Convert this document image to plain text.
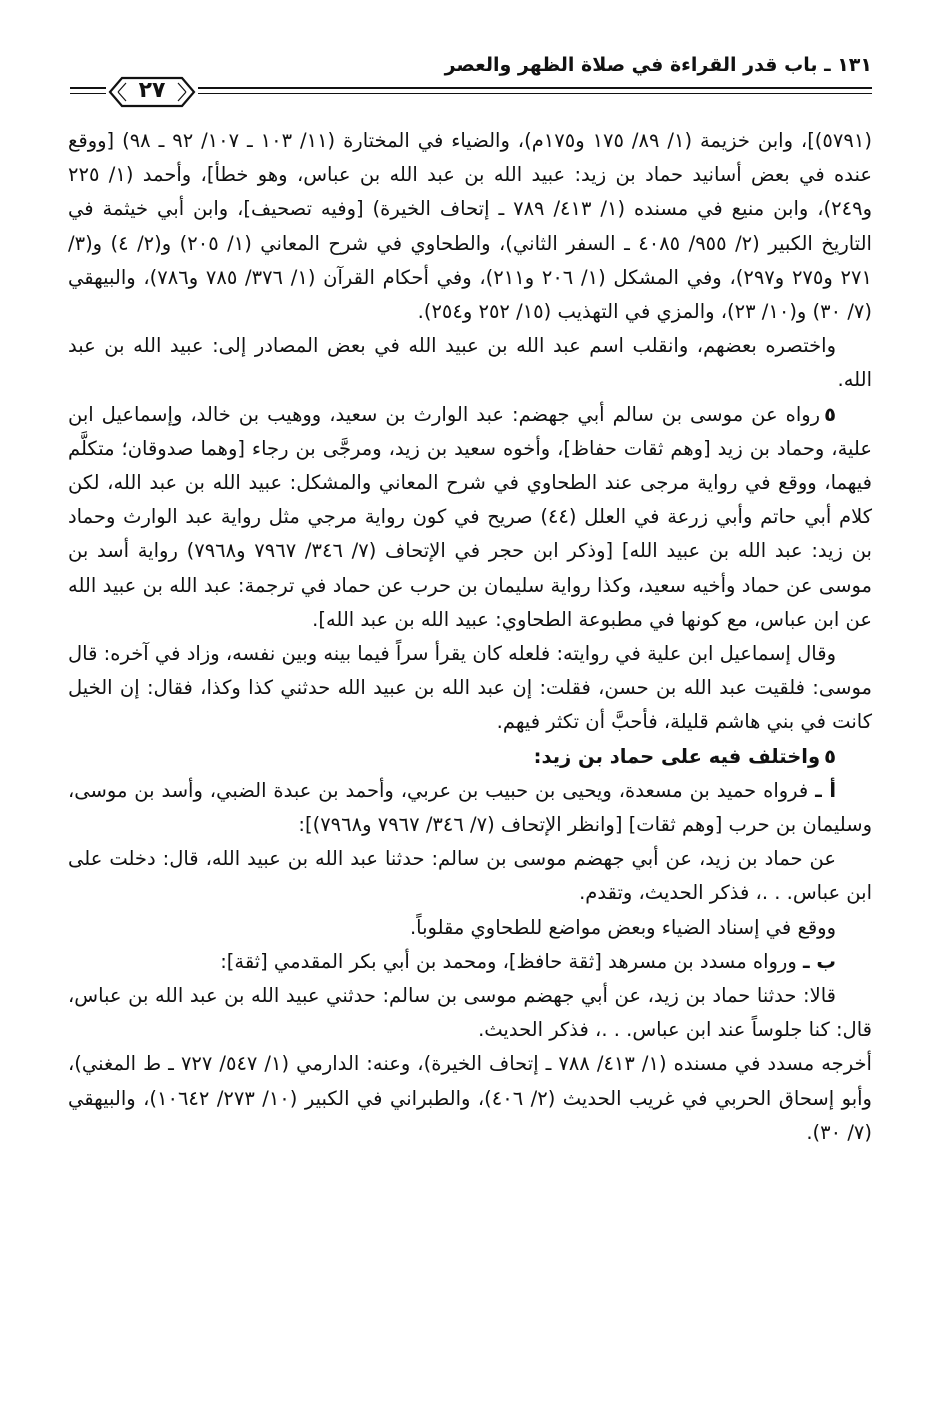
١٣١ ـ باب قدر القراءة في صلاة الظهر والعصر
٢٧

(٥٧٩١)]، وابن خزيمة (١/ ٨٩/ ١٧٥ و١٧٥م)، والضياء في المختارة (١١/ ١٠٣ ـ ١٠٧/ ٩٢ ـ ٩٨) [ووقع عنده في بعض أسانيد حماد بن زيد: عبيد الله بن عبد الله بن عباس، وهو خطأ]، وأحمد (١/ ٢٢٥ و٢٤٩)، وابن منيع في مسنده (١/ ٤١٣/ ٧٨٩ ـ إتحاف الخيرة) [وفيه تصحيف]، وابن أبي خيثمة في التاريخ الكبير (٢/ ٩٥٥/ ٤٠٨٥ ـ السفر الثاني)، والطحاوي في شرح المعاني (١/ ٢٠٥) و(٢/ ٤) و(٣/ ٢٧١ و٢٧٥ و٢٩٧)، وفي المشكل (١/ ٢٠٦ و٢١١)، وفي أحكام القرآن (١/ ٣٧٦/ ٧٨٥ و٧٨٦)، والبيهقي (٧/ ٣٠) و(١٠/ ٢٣)، والمزي في التهذيب (١٥/ ٢٥٢ و٢٥٤).

واختصره بعضهم، وانقلب اسم عبد الله بن عبيد الله في بعض المصادر إلى: عبيد الله بن عبد الله.

٥رواه عن موسى بن سالم أبي جهضم: عبد الوارث بن سعيد، ووهيب بن خالد، وإسماعيل ابن علية، وحماد بن زيد [وهم ثقات حفاظ]، وأخوه سعيد بن زيد، ومرجَّى بن رجاء [وهما صدوقان؛ متكلَّم فيهما، ووقع في رواية مرجى عند الطحاوي في شرح المعاني والمشكل: عبيد الله بن عبد الله، لكن كلام أبي حاتم وأبي زرعة في العلل (٤٤) صريح في كون رواية مرجي مثل رواية عبد الوارث وحماد بن زيد: عبد الله بن عبيد الله] [وذكر ابن حجر في الإتحاف (٧/ ٣٤٦/ ٧٩٦٧ و٧٩٦٨) رواية أسد بن موسى عن حماد وأخيه سعيد، وكذا رواية سليمان بن حرب عن حماد في ترجمة: عبد الله بن عبيد الله عن ابن عباس، مع كونها في مطبوعة الطحاوي: عبيد الله بن عبد الله].

وقال إسماعيل ابن علية في روايته: فلعله كان يقرأ سراً فيما بينه وبين نفسه، وزاد في آخره: قال موسى: فلقيت عبد الله بن حسن، فقلت: إن عبد الله بن عبيد الله حدثني كذا وكذا، فقال: إن الخيل كانت في بني هاشم قليلة، فأحبَّ أن تكثر فيهم.

٥واختلف فيه على حماد بن زيد:

أ ـ فرواه حميد بن مسعدة، ويحيى بن حبيب بن عربي، وأحمد بن عبدة الضبي، وأسد بن موسى، وسليمان بن حرب [وهم ثقات] [وانظر الإتحاف (٧/ ٣٤٦/ ٧٩٦٧ و٧٩٦٨)]:

عن حماد بن زيد، عن أبي جهضم موسى بن سالم: حدثنا عبد الله بن عبيد الله، قال: دخلت على ابن عباس. . .، فذكر الحديث، وتقدم.

ووقع في إسناد الضياء وبعض مواضع للطحاوي مقلوباً.

ب ـ ورواه مسدد بن مسرهد [ثقة حافظ]، ومحمد بن أبي بكر المقدمي [ثقة]:

قالا: حدثنا حماد بن زيد، عن أبي جهضم موسى بن سالم: حدثني عبيد الله بن عبد الله بن عباس، قال: كنا جلوساً عند ابن عباس. . .، فذكر الحديث.

أخرجه مسدد في مسنده (١/ ٤١٣/ ٧٨٨ ـ إتحاف الخيرة)، وعنه: الدارمي (١/ ٥٤٧/ ٧٢٧ ـ ط المغني)، وأبو إسحاق الحربي في غريب الحديث (٢/ ٤٠٦)، والطبراني في الكبير (١٠/ ٢٧٣/ ١٠٦٤٢)، والبيهقي (٧/ ٣٠).
